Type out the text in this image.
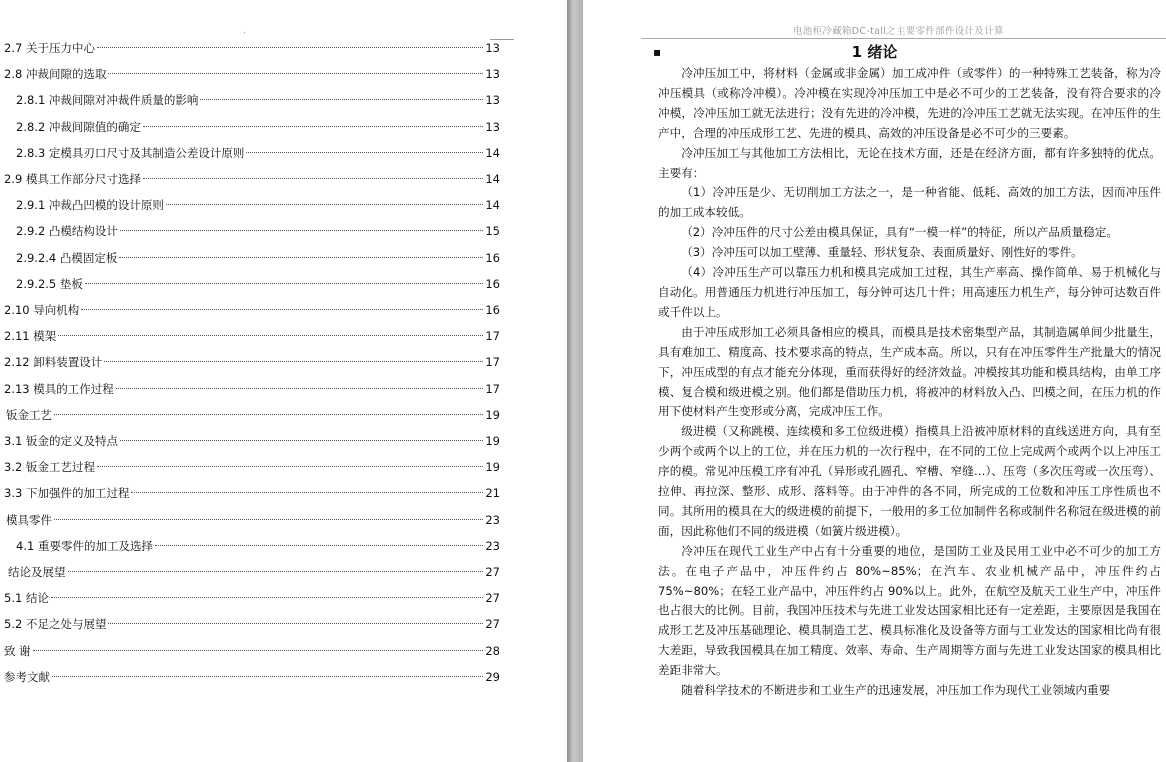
.
2.7 关于压力中心	13
2.8 冲裁间隙的选取	13
2.8.1 冲裁间隙对冲裁件质量的影响	13
2.8.2 冲裁间隙值的确定	13
2.8.3 定模具刃口尺寸及其制造公差设计原则	14
2.9 模具工作部分尺寸选择	14
2.9.1 冲裁凸凹模的设计原则	14
2.9.2 凸模结构设计	15
2.9.2.4 凸模固定板	16
2.9.2.5 垫板	16
2.10 导向机构	16
2.11 模架	17
2.12 卸料装置设计	17
2.13 模具的工作过程	17
钣金工艺	19
3.1 钣金的定义及特点	19
3.2 钣金工艺过程	19
3.3 下加强件的加工过程	21
模具零件	23
4.1 重要零件的加工及选择	23
结论及展望	27
5.1 结论	27
5.2 不足之处与展望	27
致 谢	28
参考文献	29
电池柜冷藏箱DC-tall之主要零件部件设计及计算
▪	1 绪论

冷冲压加工中，将材料（金属或非金属）加工成冲件（或零件）的一种特殊工艺装备，称为冷冲压模具（或称冷冲模）。冷冲模在实现冷冲压加工中是必不可少的工艺装备，没有符合要求的冷冲模，冷冲压加工就无法进行；没有先进的冷冲模，先进的冷冲压工艺就无法实现。在冲压件的生产中，合理的冲压成形工艺、先进的模具、高效的冲压设备是必不可少的三要素。

冷冲压加工与其他加工方法相比，无论在技术方面，还是在经济方面，都有许多独特的优点。主要有：

（1）冷冲压是少、无切削加工方法之一，是一种省能、低耗、高效的加工方法，因而冲压件的加工成本较低。

（2）冷冲压件的尺寸公差由模具保证，具有“一模一样”的特征，所以产品质量稳定。

（3）冷冲压可以加工壁薄、重量轻、形状复杂、表面质量好、刚性好的零件。

（4）冷冲压生产可以靠压力机和模具完成加工过程，其生产率高、操作简单、易于机械化与自动化。用普通压力机进行冲压加工，每分钟可达几十件；用高速压力机生产，每分钟可达数百件或千件以上。

由于冲压成形加工必须具备相应的模具，而模具是技术密集型产品，其制造属单间少批量生，具有难加工、精度高、技术要求高的特点，生产成本高。所以，只有在冲压零件生产批量大的情况下，冲压成型的有点才能充分体现，重而获得好的经济效益。冲模按其功能和模具结构，由单工序模、复合模和级进模之别。他们都是借助压力机，将被冲的材料放入凸、凹模之间，在压力机的作用下使材料产生变形或分离，完成冲压工作。

级进模（又称跳模、连续模和多工位级进模）指模具上沿被冲原材料的直线送进方向，具有至少两个或两个以上的工位，并在压力机的一次行程中，在不同的工位上完成两个或两个以上冲压工序的模。常见冲压模工序有冲孔（异形或孔圆孔、窄槽、窄缝…）、压弯（多次压弯或一次压弯）、拉伸、再拉深、整形、成形、落料等。由于冲件的各不同，所完成的工位数和冲压工序性质也不同。其所用的模具在大的级进模的前提下，一般用的多工位加制件名称或制件名称冠在级进模的前面，因此称他们不同的级进模（如簧片级进模）。

冷冲压在现代工业生产中占有十分重要的地位，是国防工业及民用工业中必不可少的加工方法。在电子产品中，冲压件约占 80%~85%；在汽车、农业机械产品中，冲压件约占 75%~80%；在轻工业产品中，冲压件约占 90%以上。此外，在航空及航天工业生产中，冲压件也占很大的比例。目前，我国冲压技术与先进工业发达国家相比还有一定差距，主要原因是我国在成形工艺及冲压基础理论、模具制造工艺、模具标准化及设备等方面与工业发达的国家相比尚有很大差距，导致我国模具在加工精度、效率、寿命、生产周期等方面与先进工业发达国家的模具相比差距非常大。

随着科学技术的不断进步和工业生产的迅速发展，冲压加工作为现代工业领域内重要
